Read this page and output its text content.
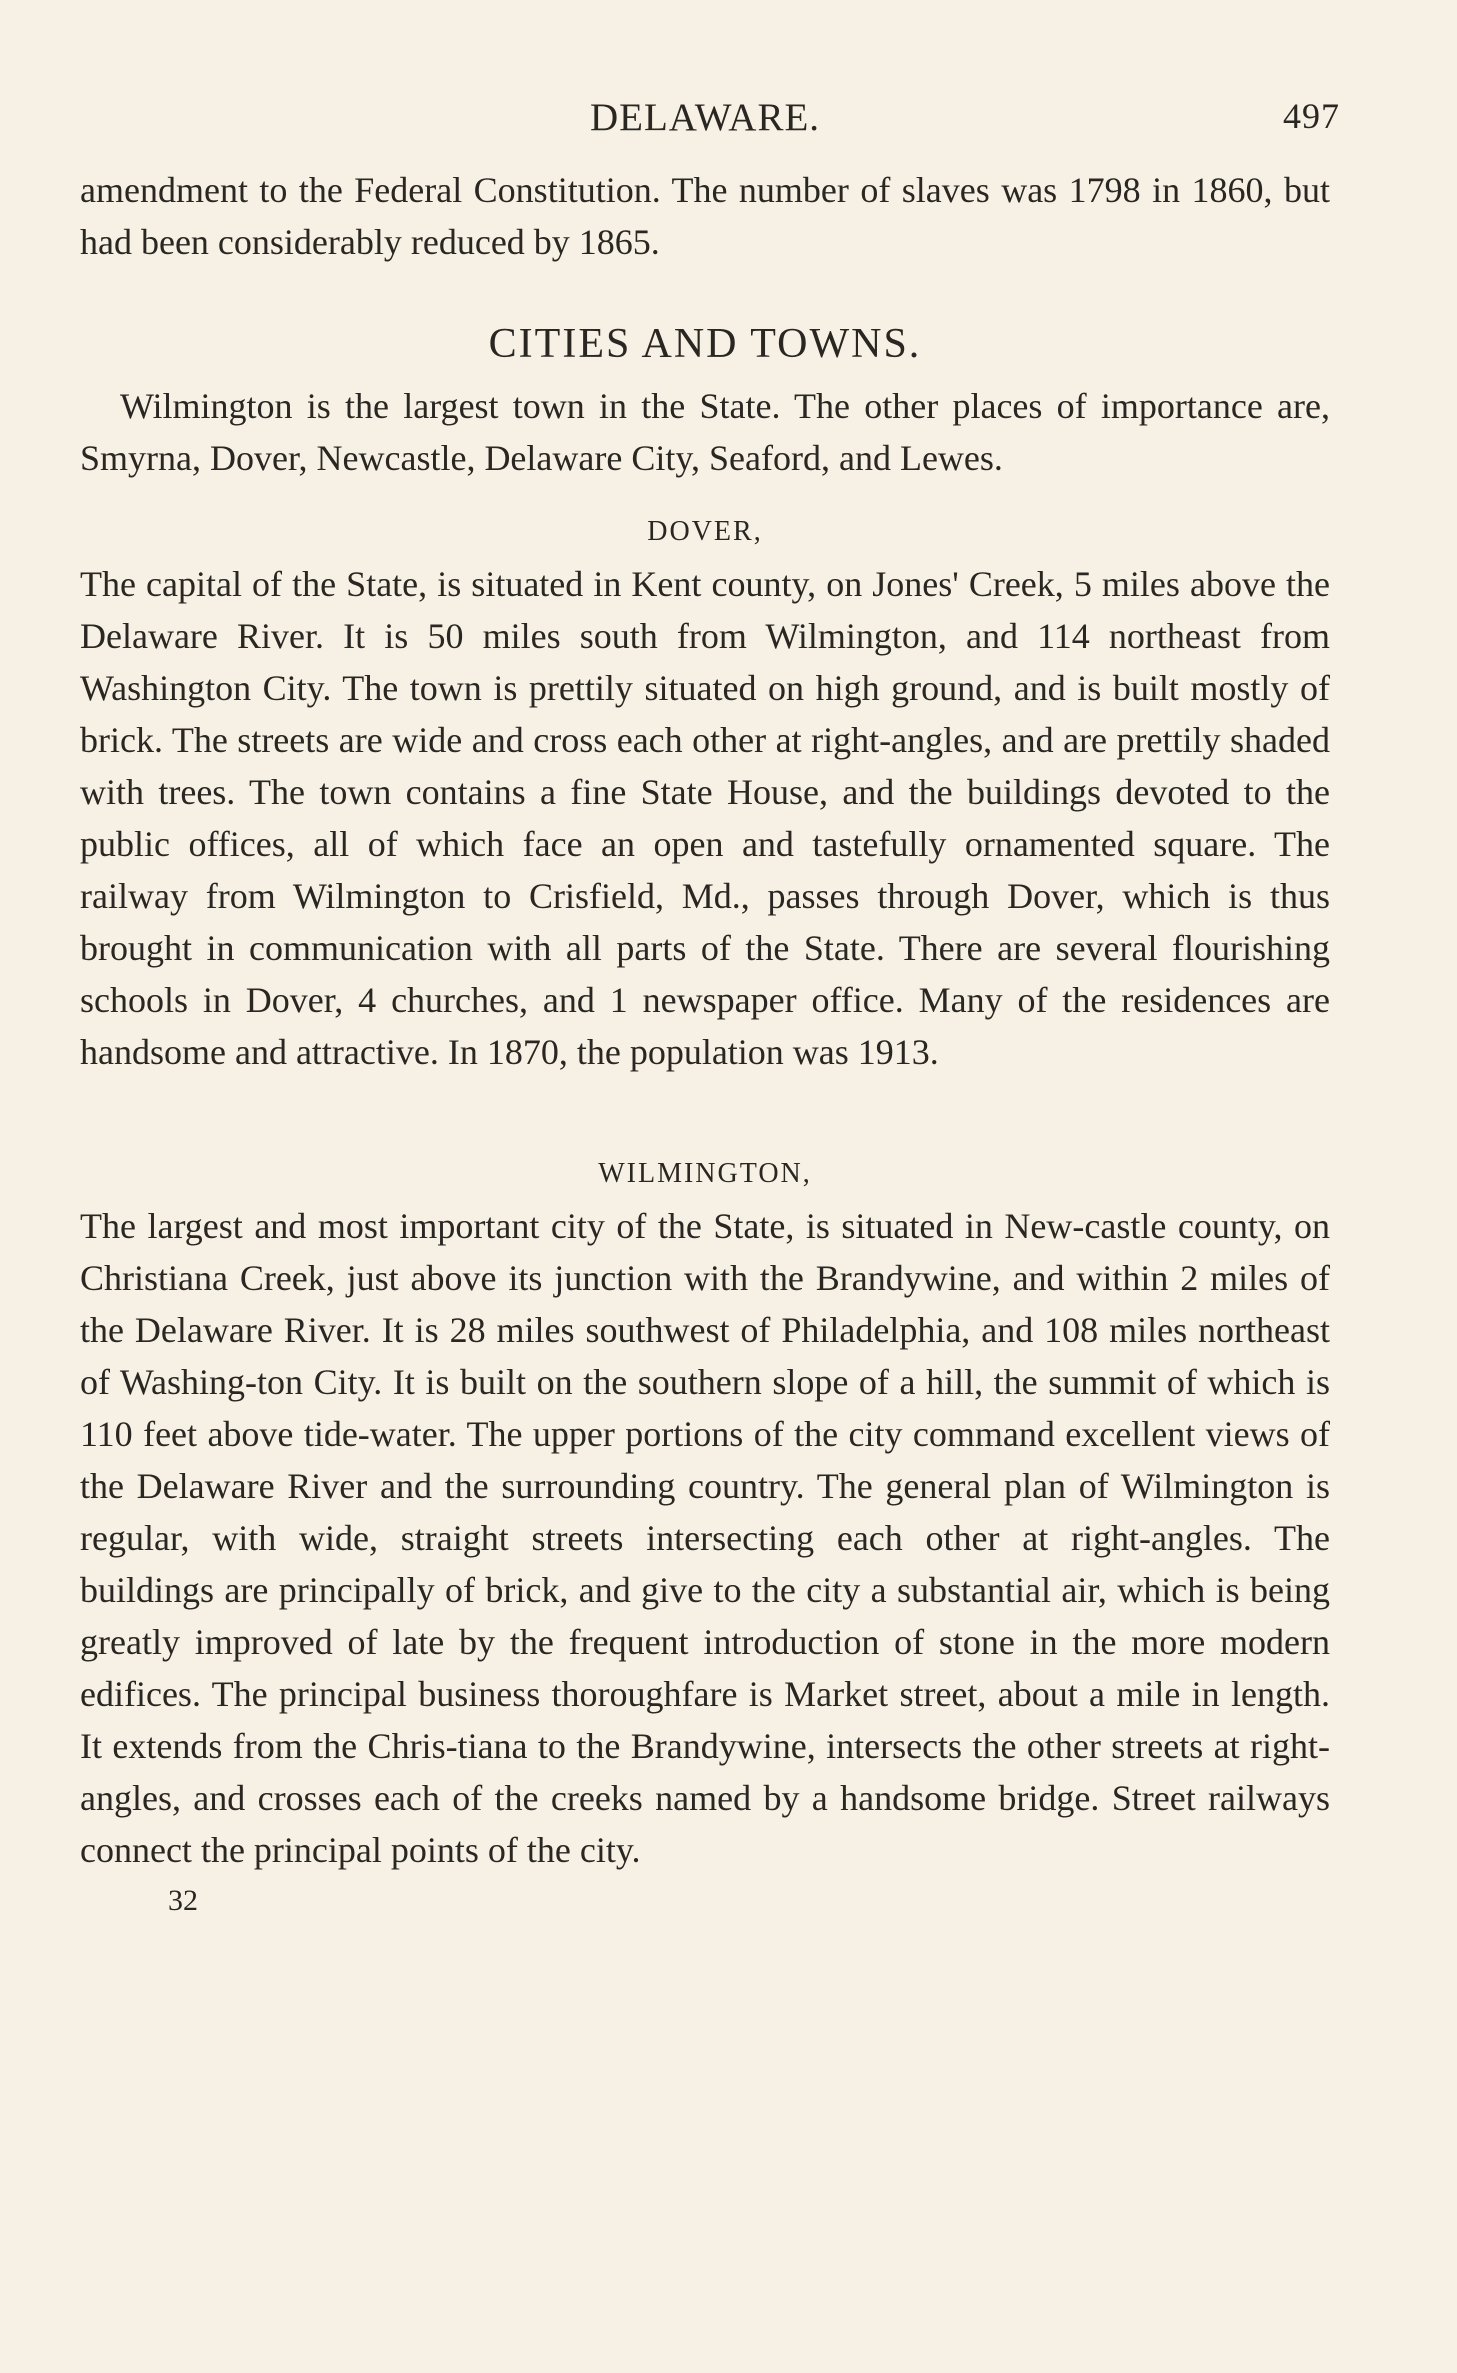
DELAWARE.	497

amendment to the Federal Constitution. The number of slaves was 1798 in 1860, but had been considerably reduced by 1865.

CITIES AND TOWNS.

Wilmington is the largest town in the State. The other places of importance are, Smyrna, Dover, Newcastle, Delaware City, Seaford, and Lewes.

DOVER,

The capital of the State, is situated in Kent county, on Jones' Creek, 5 miles above the Delaware River. It is 50 miles south from Wilmington, and 114 northeast from Washington City. The town is prettily situated on high ground, and is built mostly of brick. The streets are wide and cross each other at right-angles, and are prettily shaded with trees. The town contains a fine State House, and the buildings devoted to the public offices, all of which face an open and tastefully ornamented square. The railway from Wilmington to Crisfield, Md., passes through Dover, which is thus brought in communication with all parts of the State. There are several flourishing schools in Dover, 4 churches, and 1 newspaper office. Many of the residences are handsome and attractive. In 1870, the population was 1913.

WILMINGTON,

The largest and most important city of the State, is situated in New-castle county, on Christiana Creek, just above its junction with the Brandywine, and within 2 miles of the Delaware River. It is 28 miles southwest of Philadelphia, and 108 miles northeast of Washing-ton City. It is built on the southern slope of a hill, the summit of which is 110 feet above tide-water. The upper portions of the city command excellent views of the Delaware River and the surrounding country. The general plan of Wilmington is regular, with wide, straight streets intersecting each other at right-angles. The buildings are principally of brick, and give to the city a substantial air, which is being greatly improved of late by the frequent introduction of stone in the more modern edifices. The principal business thoroughfare is Market street, about a mile in length. It extends from the Chris-tiana to the Brandywine, intersects the other streets at right-angles, and crosses each of the creeks named by a handsome bridge. Street railways connect the principal points of the city.

32
